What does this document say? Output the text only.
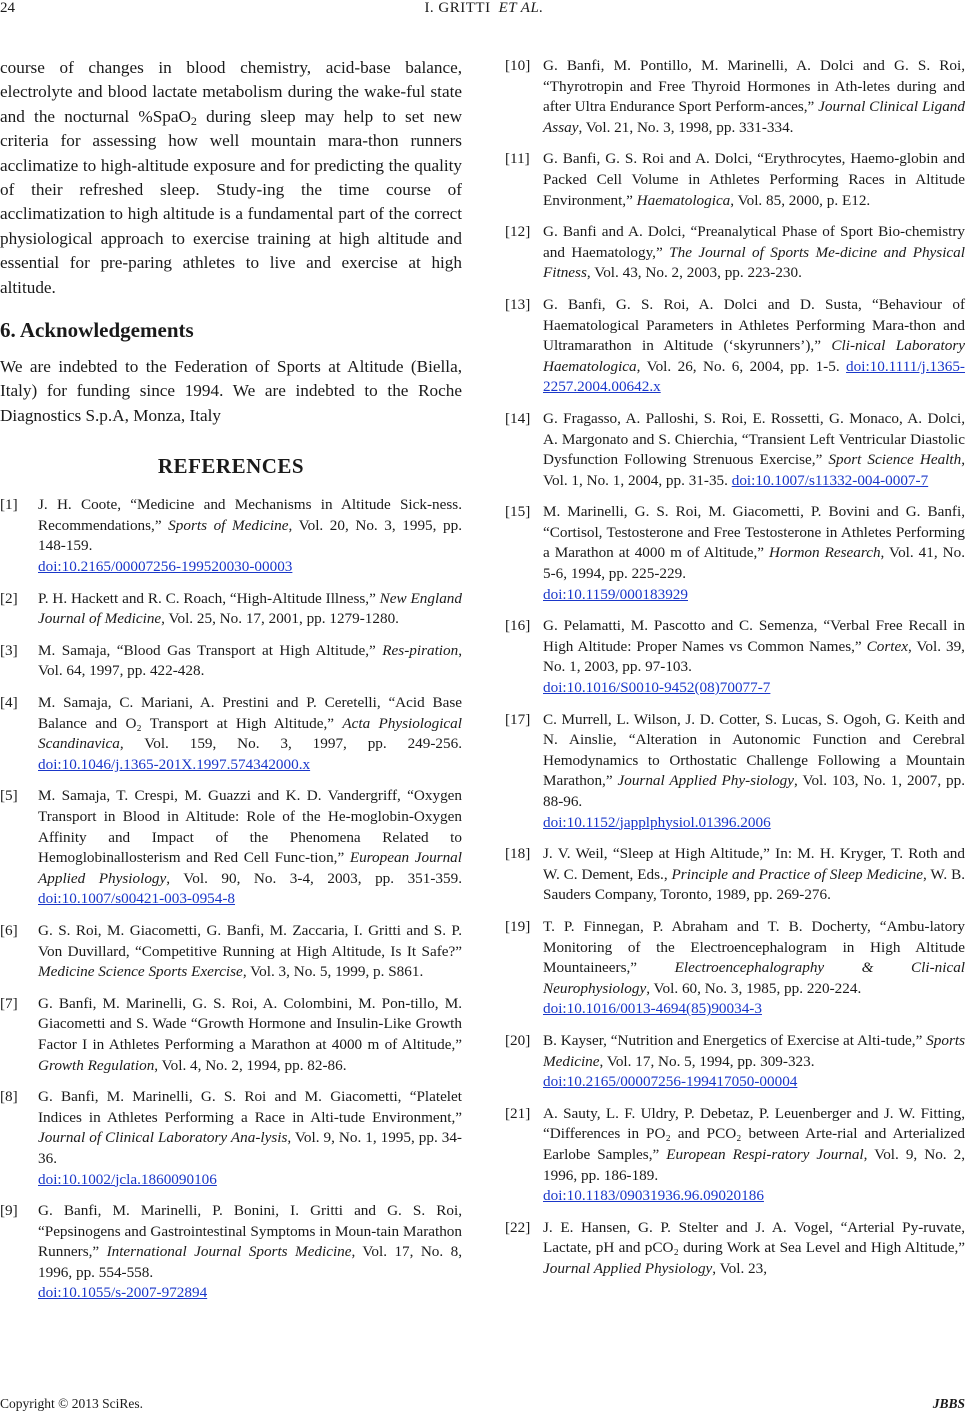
24	I. GRITTI ET AL.

course of changes in blood chemistry, acid-base balance, electrolyte and blood lactate metabolism during the wake-ful state and the nocturnal %SpaO$_2$ during sleep may help to set new criteria for assessing how well mountain mara-thon runners acclimatize to high-altitude exposure and for predicting the quality of their refreshed sleep. Study-ing the time course of acclimatization to high altitude is a fundamental part of the correct physiological approach to exercise training at high altitude and essential for pre-paring athletes to live and exercise at high altitude.

6. Acknowledgements

We are indebted to the Federation of Sports at Altitude (Biella, Italy) for funding since 1994. We are indebted to the Roche Diagnostics S.p.A, Monza, Italy

REFERENCES
[1]	J. H. Coote, “Medicine and Mechanisms in Altitude Sick-ness. Recommendations,” Sports of Medicine, Vol. 20, No. 3, 1995, pp. 148-159.
doi:10.2165/00007256-199520030-00003
[2]	P. H. Hackett and R. C. Roach, “High-Altitude Illness,” New England Journal of Medicine, Vol. 25, No. 17, 2001, pp. 1279-1280.
[3]	M. Samaja, “Blood Gas Transport at High Altitude,” Res-piration, Vol. 64, 1997, pp. 422-428.
[4]	M. Samaja, C. Mariani, A. Prestini and P. Ceretelli, “Acid Base Balance and O₂ Transport at High Altitude,” Acta Physiological Scandinavica, Vol. 159, No. 3, 1997, pp. 249-256. doi:10.1046/j.1365-201X.1997.574342000.x
[5]	M. Samaja, T. Crespi, M. Guazzi and K. D. Vandergriff, “Oxygen Transport in Blood in Altitude: Role of the He-moglobin-Oxygen Affinity and Impact of the Phenomena Related to Hemoglobinallosterism and Red Cell Func-tion,” European Journal Applied Physiology, Vol. 90, No. 3-4, 2003, pp. 351-359. doi:10.1007/s00421-003-0954-8
[6]	G. S. Roi, M. Giacometti, G. Banfi, M. Zaccaria, I. Gritti and S. P. Von Duvillard, “Competitive Running at High Altitude, Is It Safe?” Medicine Science Sports Exercise, Vol. 3, No. 5, 1999, p. S861.
[7]	G. Banfi, M. Marinelli, G. S. Roi, A. Colombini, M. Pon-tillo, M. Giacometti and S. Wade “Growth Hormone and Insulin-Like Growth Factor I in Athletes Performing a Marathon at 4000 m of Altitude,” Growth Regulation, Vol. 4, No. 2, 1994, pp. 82-86.
[8]	G. Banfi, M. Marinelli, G. S. Roi and M. Giacometti, “Platelet Indices in Athletes Performing a Race in Alti-tude Environment,” Journal of Clinical Laboratory Ana-lysis, Vol. 9, No. 1, 1995, pp. 34-36.
doi:10.1002/jcla.1860090106
[9]	G. Banfi, M. Marinelli, P. Bonini, I. Gritti and G. S. Roi, “Pepsinogens and Gastrointestinal Symptoms in Moun-tain Marathon Runners,” International Journal Sports Medicine, Vol. 17, No. 8, 1996, pp. 554-558.
doi:10.1055/s-2007-972894
[10] G. Banfi, M. Pontillo, M. Marinelli, A. Dolci and G. S. Roi, “Thyrotropin and Free Thyroid Hormones in Ath-letes during and after Ultra Endurance Sport Perform-ances,” Journal Clinical Ligand Assay, Vol. 21, No. 3, 1998, pp. 331-334.
[11] G. Banfi, G. S. Roi and A. Dolci, “Erythrocytes, Haemo-globin and Packed Cell Volume in Athletes Performing Races in Altitude Environment,” Haematologica, Vol. 85, 2000, p. E12.
[12] G. Banfi and A. Dolci, “Preanalytical Phase of Sport Bio-chemistry and Haematology,” The Journal of Sports Me-dicine and Physical Fitness, Vol. 43, No. 2, 2003, pp. 223-230.
[13] G. Banfi, G. S. Roi, A. Dolci and D. Susta, “Behaviour of Haematological Parameters in Athletes Performing Mara-thon and Ultramarathon in Altitude (‘skyrunners’),” Cli-nical Laboratory Haematologica, Vol. 26, No. 6, 2004, pp. 1-5. doi:10.1111/j.1365-2257.2004.00642.x
[14] G. Fragasso, A. Palloshi, S. Roi, E. Rossetti, G. Monaco, A. Dolci, A. Margonato and S. Chierchia, “Transient Left Ventricular Diastolic Dysfunction Following Strenuous Exercise,” Sport Science Health, Vol. 1, No. 1, 2004, pp. 31-35. doi:10.1007/s11332-004-0007-7
[15] M. Marinelli, G. S. Roi, M. Giacometti, P. Bovini and G. Banfi, “Cortisol, Testosterone and Free Testosterone in Athletes Performing a Marathon at 4000 m of Altitude,” Hormon Research, Vol. 41, No. 5-6, 1994, pp. 225-229.
doi:10.1159/000183929
[16] G. Pelamatti, M. Pascotto and C. Semenza, “Verbal Free Recall in High Altitude: Proper Names vs Common Names,” Cortex, Vol. 39, No. 1, 2003, pp. 97-103.
doi:10.1016/S0010-9452(08)70077-7
[17] C. Murrell, L. Wilson, J. D. Cotter, S. Lucas, S. Ogoh, G. Keith and N. Ainslie, “Alteration in Autonomic Function and Cerebral Hemodynamics to Orthostatic Challenge Following a Mountain Marathon,” Journal Applied Phy-siology, Vol. 103, No. 1, 2007, pp. 88-96.
doi:10.1152/japplphysiol.01396.2006
[18] J. V. Weil, “Sleep at High Altitude,” In: M. H. Kryger, T. Roth and W. C. Dement, Eds., Principle and Practice of Sleep Medicine, W. B. Sauders Company, Toronto, 1989, pp. 269-276.
[19] T. P. Finnegan, P. Abraham and T. B. Docherty, “Ambu-latory Monitoring of the Electroencephalogram in High Altitude Mountaineers,” Electroencephalography & Cli-nical Neurophysiology, Vol. 60, No. 3, 1985, pp. 220-224.
doi:10.1016/0013-4694(85)90034-3
[20] B. Kayser, “Nutrition and Energetics of Exercise at Alti-tude,” Sports Medicine, Vol. 17, No. 5, 1994, pp. 309-323.
doi:10.2165/00007256-199417050-00004
[21] A. Sauty, L. F. Uldry, P. Debetaz, P. Leuenberger and J. W. Fitting, “Differences in PO₂ and PCO₂ between Arte-rial and Arterialized Earlobe Samples,” European Respi-ratory Journal, Vol. 9, No. 2, 1996, pp. 186-189.
doi:10.1183/09031936.96.09020186
[22] J. E. Hansen, G. P. Stelter and J. A. Vogel, “Arterial Py-ruvate, Lactate, pH and pCO₂ during Work at Sea Level and High Altitude,” Journal Applied Physiology, Vol. 23,
Copyright © 2013 SciRes.	JBBS
